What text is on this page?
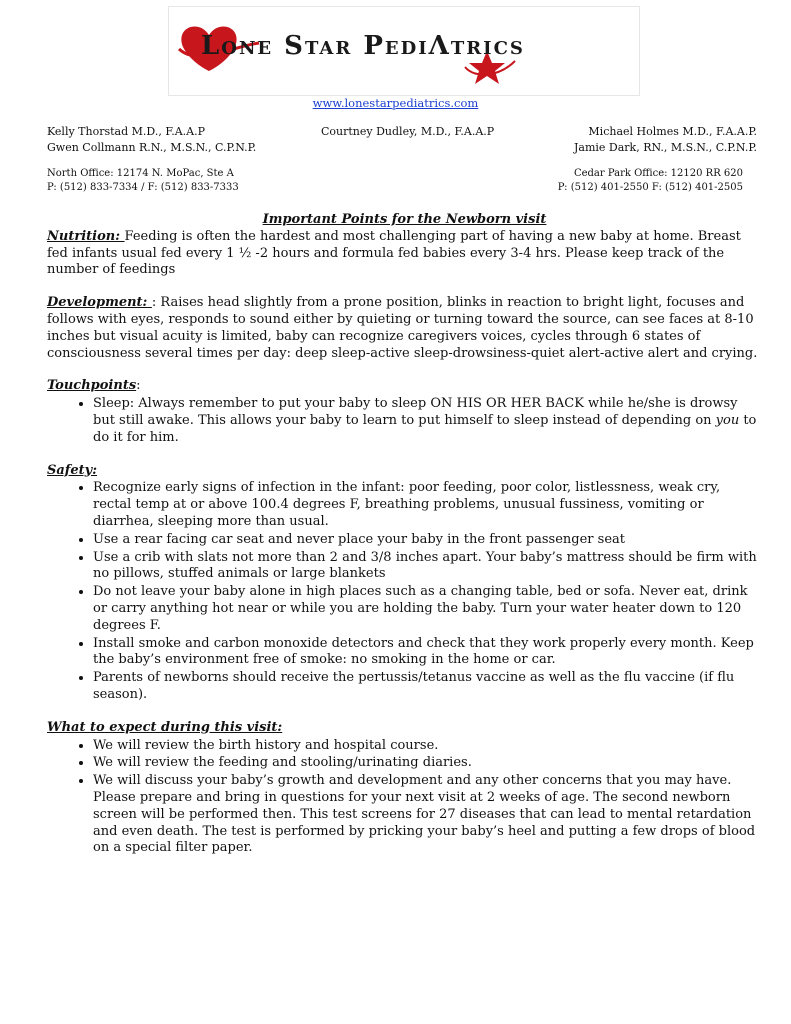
Lone Star PediΛtrics
www.lonestarpediatrics.com
Kelly Thorstad M.D., F.A.A.P
Gwen Collmann R.N., M.S.N., C.P.N.P.
Courtney Dudley, M.D., F.A.A.P	Michael Holmes M.D., F.A.A.P.
Jamie Dark, RN., M.S.N., C.P.N.P.
North Office: 12174 N. MoPac, Ste A
P: (512) 833-7334 / F: (512) 833-7333
Cedar Park Office: 12120 RR 620
P: (512) 401-2550 F: (512) 401-2505

Important Points for the Newborn visit

Nutrition: Feeding is often the hardest and most challenging part of having a new baby at home. Breast fed infants usual fed every 1 ½ -2 hours and formula fed babies every 3-4 hrs. Please keep track of the number of feedings

Development: : Raises head slightly from a prone position, blinks in reaction to bright light, focuses and follows with eyes, responds to sound either by quieting or turning toward the source, can see faces at 8-10 inches but visual acuity is limited, baby can recognize caregivers voices, cycles through 6 states of consciousness several times per day: deep sleep-active sleep-drowsiness-quiet alert-active alert and crying.

Touchpoints:

• Sleep: Always remember to put your baby to sleep ON HIS OR HER BACK while he/she is drowsy but still awake. This allows your baby to learn to put himself to sleep instead of depending on you to do it for him.

Safety:

• Recognize early signs of infection in the infant: poor feeding, poor color, listlessness, weak cry, rectal temp at or above 100.4 degrees F, breathing problems, unusual fussiness, vomiting or diarrhea, sleeping more than usual.
• Use a rear facing car seat and never place your baby in the front passenger seat
• Use a crib with slats not more than 2 and 3/8 inches apart. Your baby’s mattress should be firm with no pillows, stuffed animals or large blankets
• Do not leave your baby alone in high places such as a changing table, bed or sofa. Never eat, drink or carry anything hot near or while you are holding the baby. Turn your water heater down to 120 degrees F.
• Install smoke and carbon monoxide detectors and check that they work properly every month. Keep the baby’s environment free of smoke: no smoking in the home or car.
• Parents of newborns should receive the pertussis/tetanus vaccine as well as the flu vaccine (if flu season).

What to expect during this visit:

• We will review the birth history and hospital course.
• We will review the feeding and stooling/urinating diaries.
• We will discuss your baby’s growth and development and any other concerns that you may have. Please prepare and bring in questions for your next visit at 2 weeks of age. The second newborn screen will be performed then. This test screens for 27 diseases that can lead to mental retardation and even death. The test is performed by pricking your baby’s heel and putting a few drops of blood on a special filter paper.
